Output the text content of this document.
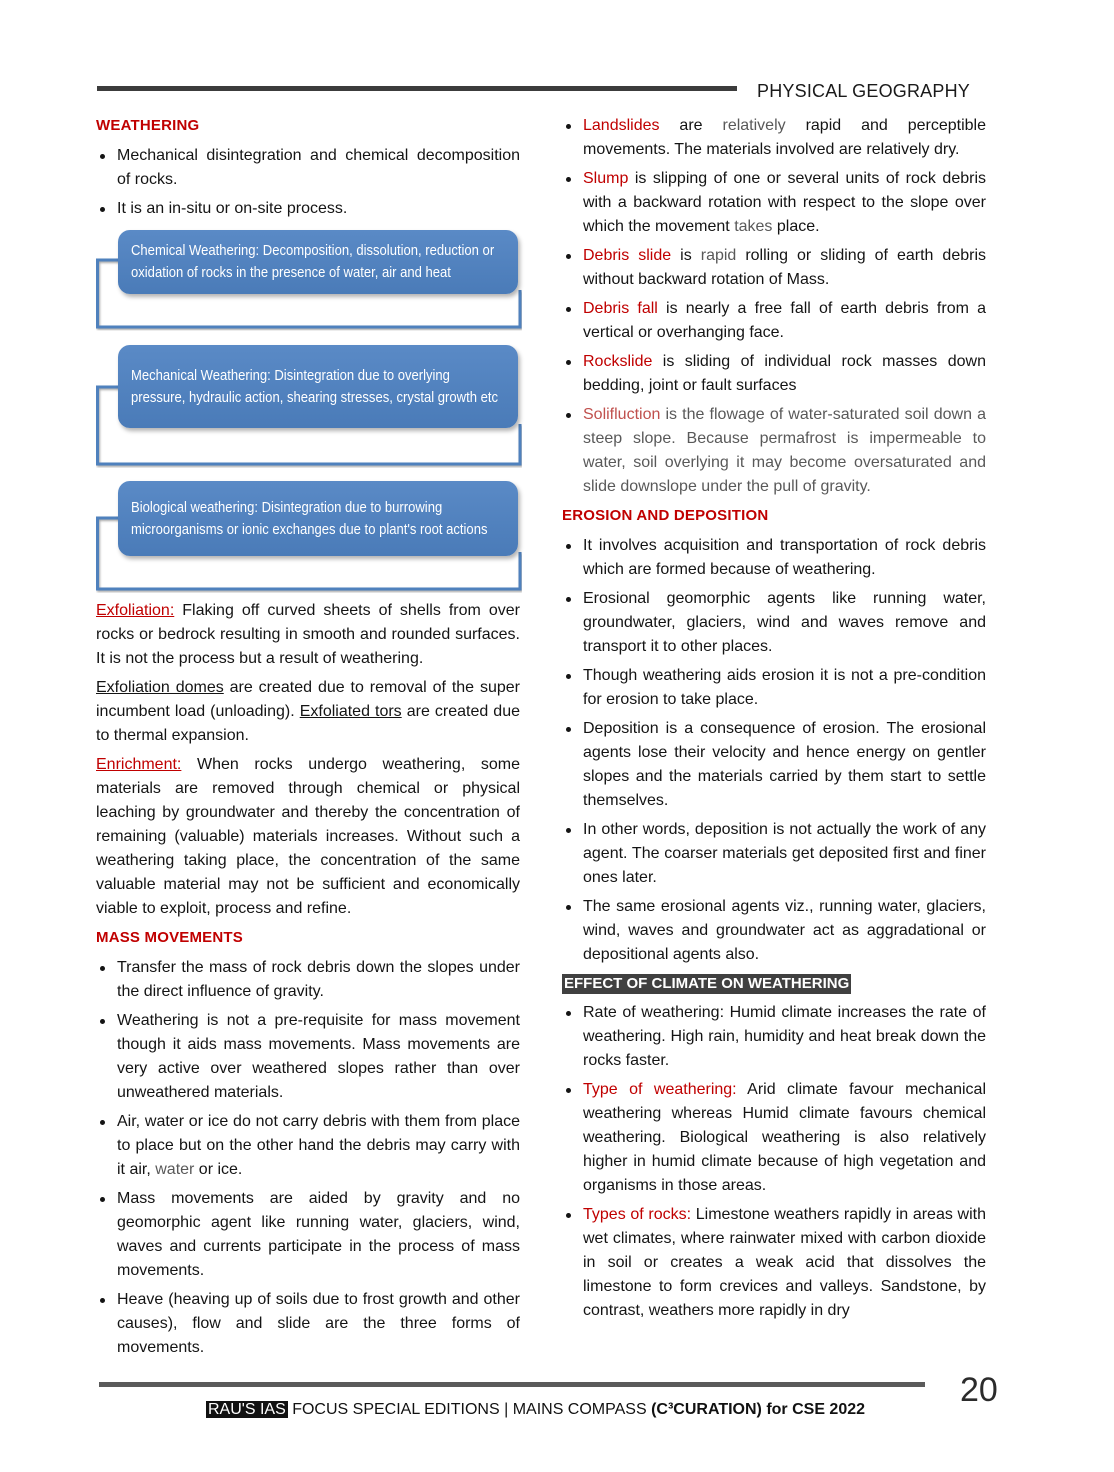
PHYSICAL GEOGRAPHY
WEATHERING
Mechanical disintegration and chemical decomposition of rocks.
It is an in-situ or on-site process.
Chemical Weathering: Decomposition, dissolution, reduction or
oxidation of rocks in the presence of water, air and heat
Mechanical Weathering: Disintegration due to overlying
pressure, hydraulic action, shearing stresses, crystal growth etc
Biological weathering: Disintegration due to burrowing
microorganisms or ionic exchanges due to plant's root actions

Exfoliation: Flaking off curved sheets of shells from over rocks or bedrock resulting in smooth and rounded surfaces. It is not the process but a result of weathering.

Exfoliation domes are created due to removal of the super incumbent load (unloading). Exfoliated tors are created due to thermal expansion.

Enrichment: When rocks undergo weathering, some materials are removed through chemical or physical leaching by groundwater and thereby the concentration of remaining (valuable) materials increases. Without such a weathering taking place, the concentration of the same valuable material may not be sufficient and economically viable to exploit, process and refine.

MASS MOVEMENTS
Transfer the mass of rock debris down the slopes under the direct influence of gravity.
Weathering is not a pre-requisite for mass movement though it aids mass movements. Mass movements are very active over weathered slopes rather than over unweathered materials.
Air, water or ice do not carry debris with them from place to place but on the other hand the debris may carry with it air, water or ice.
Mass movements are aided by gravity and no geomorphic agent like running water, glaciers, wind, waves and currents participate in the process of mass movements.
Heave (heaving up of soils due to frost growth and other causes), flow and slide are the three forms of movements.
Landslides are relatively rapid and perceptible movements. The materials involved are relatively dry.
Slump is slipping of one or several units of rock debris with a backward rotation with respect to the slope over which the movement takes place.
Debris slide is rapid rolling or sliding of earth debris without backward rotation of Mass.
Debris fall is nearly a free fall of earth debris from a vertical or overhanging face.
Rockslide is sliding of individual rock masses down bedding, joint or fault surfaces
Solifluction is the flowage of water-saturated soil down a steep slope. Because permafrost is impermeable to water, soil overlying it may become oversaturated and slide downslope under the pull of gravity.
EROSION AND DEPOSITION
It involves acquisition and transportation of rock debris which are formed because of weathering.
Erosional geomorphic agents like running water, groundwater, glaciers, wind and waves remove and transport it to other places.
Though weathering aids erosion it is not a pre-condition for erosion to take place.
Deposition is a consequence of erosion. The erosional agents lose their velocity and hence energy on gentler slopes and the materials carried by them start to settle themselves.
In other words, deposition is not actually the work of any agent. The coarser materials get deposited first and finer ones later.
The same erosional agents viz., running water, glaciers, wind, waves and groundwater act as aggradational or depositional agents also.
EFFECT OF CLIMATE ON WEATHERING
Rate of weathering: Humid climate increases the rate of weathering. High rain, humidity and heat break down the rocks faster.
Type of weathering: Arid climate favour mechanical weathering whereas Humid climate favours chemical weathering. Biological weathering is also relatively higher in humid climate because of high vegetation and organisms in those areas.
Types of rocks: Limestone weathers rapidly in areas with wet climates, where rainwater mixed with carbon dioxide in soil or creates a weak acid that dissolves the limestone to form crevices and valleys. Sandstone, by contrast, weathers more rapidly in dry
20
RAU'S IAS FOCUS SPECIAL EDITIONS | MAINS COMPASS (C³CURATION) for CSE 2022
